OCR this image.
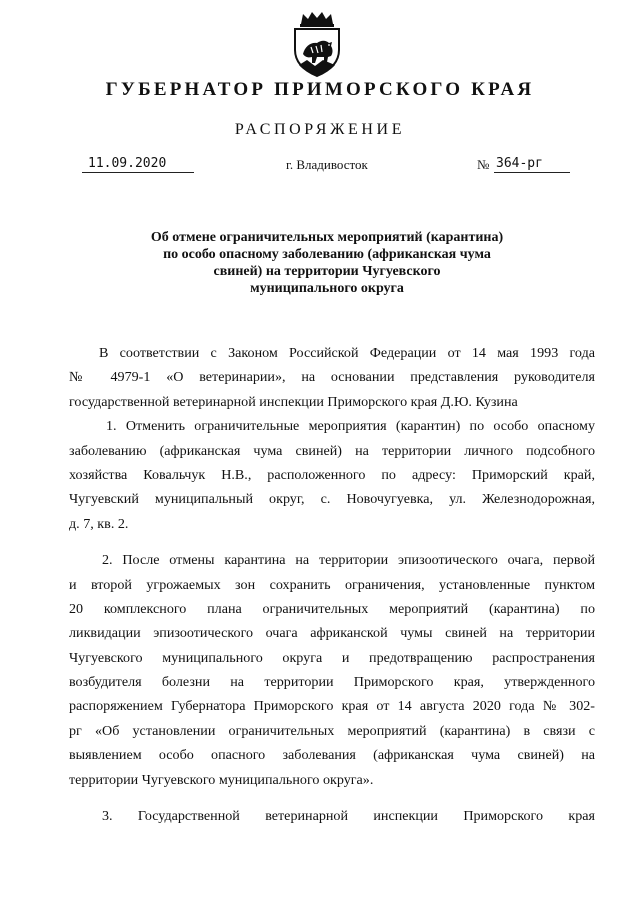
ГУБЕРНАТОР ПРИМОРСКОГО КРАЯ
РАСПОРЯЖЕНИЕ
11.09.2020	г. Владивосток	№ 364-рг
Об отмене ограничительных мероприятий (карантина)
по особо опасному заболеванию (африканская чума
свиней) на территории Чугуевского
муниципального округа
В соответствии с Законом Российской Федерации от 14 мая 1993 года
№ 4979-1 «О ветеринарии», на основании представления руководителя
государственной ветеринарной инспекции Приморского края Д.Ю. Кузина
1. Отменить ограничительные мероприятия (карантин) по особо опасному
заболеванию (африканская чума свиней) на территории личного подсобного
хозяйства Ковальчук Н.В., расположенного по адресу: Приморский край,
Чугуевский муниципальный округ, с. Новочугуевка, ул. Железнодорожная,
д. 7, кв. 2.
2. После отмены карантина на территории эпизоотического очага, первой
и второй угрожаемых зон сохранить ограничения, установленные пунктом
20 комплексного плана ограничительных мероприятий (карантина) по
ликвидации эпизоотического очага африканской чумы свиней на территории
Чугуевского муниципального округа и предотвращению распространения
возбудителя болезни на территории Приморского края, утвержденного
распоряжением Губернатора Приморского края от 14 августа 2020 года № 302-
рг «Об установлении ограничительных мероприятий (карантина) в связи с
выявлением особо опасного заболевания (африканская чума свиней) на
территории Чугуевского муниципального округа».
3. Государственной ветеринарной инспекции Приморского края
